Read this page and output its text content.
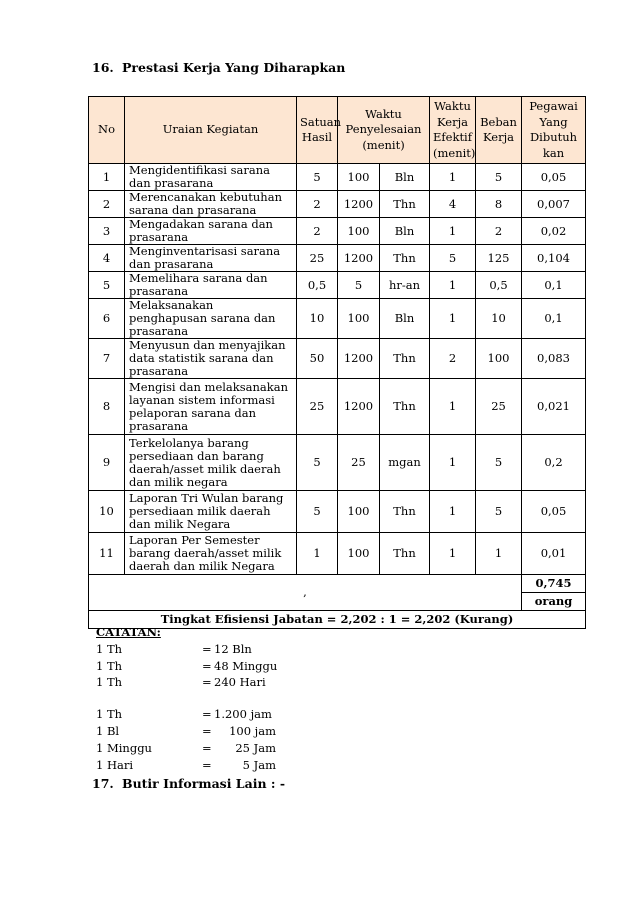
16. Prestasi Kerja Yang Diharapkan
No	Uraian Kegiatan	Satuan Hasil	Waktu Penyelesaian (menit)		Waktu Kerja Efektif (menit)	Beban Kerja	Pegawai Yang Dibutuh kan
1	Mengidentifikasi sarana dan prasarana	5	100	Bln	1	5	0,05
2	Merencanakan kebutuhan sarana dan prasarana	2	1200	Thn	4	8	0,007
3	Mengadakan sarana dan prasarana	2	100	Bln	1	2	0,02
4	Menginventarisasi sarana dan prasarana	25	1200	Thn	5	125	0,104
5	Memelihara sarana dan prasarana	0,5	5	hr-an	1	0,5	0,1
6	Melaksanakan penghapusan sarana dan prasarana	10	100	Bln	1	10	0,1
7	Menyusun dan menyajikan data statistik sarana dan prasarana	50	1200	Thn	2	100	0,083
8	Mengisi dan melaksanakan layanan sistem informasi pelaporan sarana dan prasarana	25	1200	Thn	1	25	0,021
9	Terkelolanya barang persediaan dan barang daerah/asset milik daerah dan milik negara	5	25	mgan	1	5	0,2
10	Laporan Tri Wulan barang persediaan milik daerah dan milik Negara	5	100	Thn	1	5	0,05
11	Laporan Per Semester barang daerah/asset milik daerah dan milik Negara	1	100	Thn	1	1	0,01
,							0,745
							orang
Tingkat Efisiensi Jabatan = 2,202 : 1 = 2,202 (Kurang)							
CATATAN:
1 Th	= 12 Bln
1 Th	= 48 Minggu
1 Th	= 240 Hari
1 Th	= 1.200 jam
1 Bl	=	100 jam
1 Minggu	=	25 Jam
1 Hari	=	5 Jam
17. Butir Informasi Lain : -
